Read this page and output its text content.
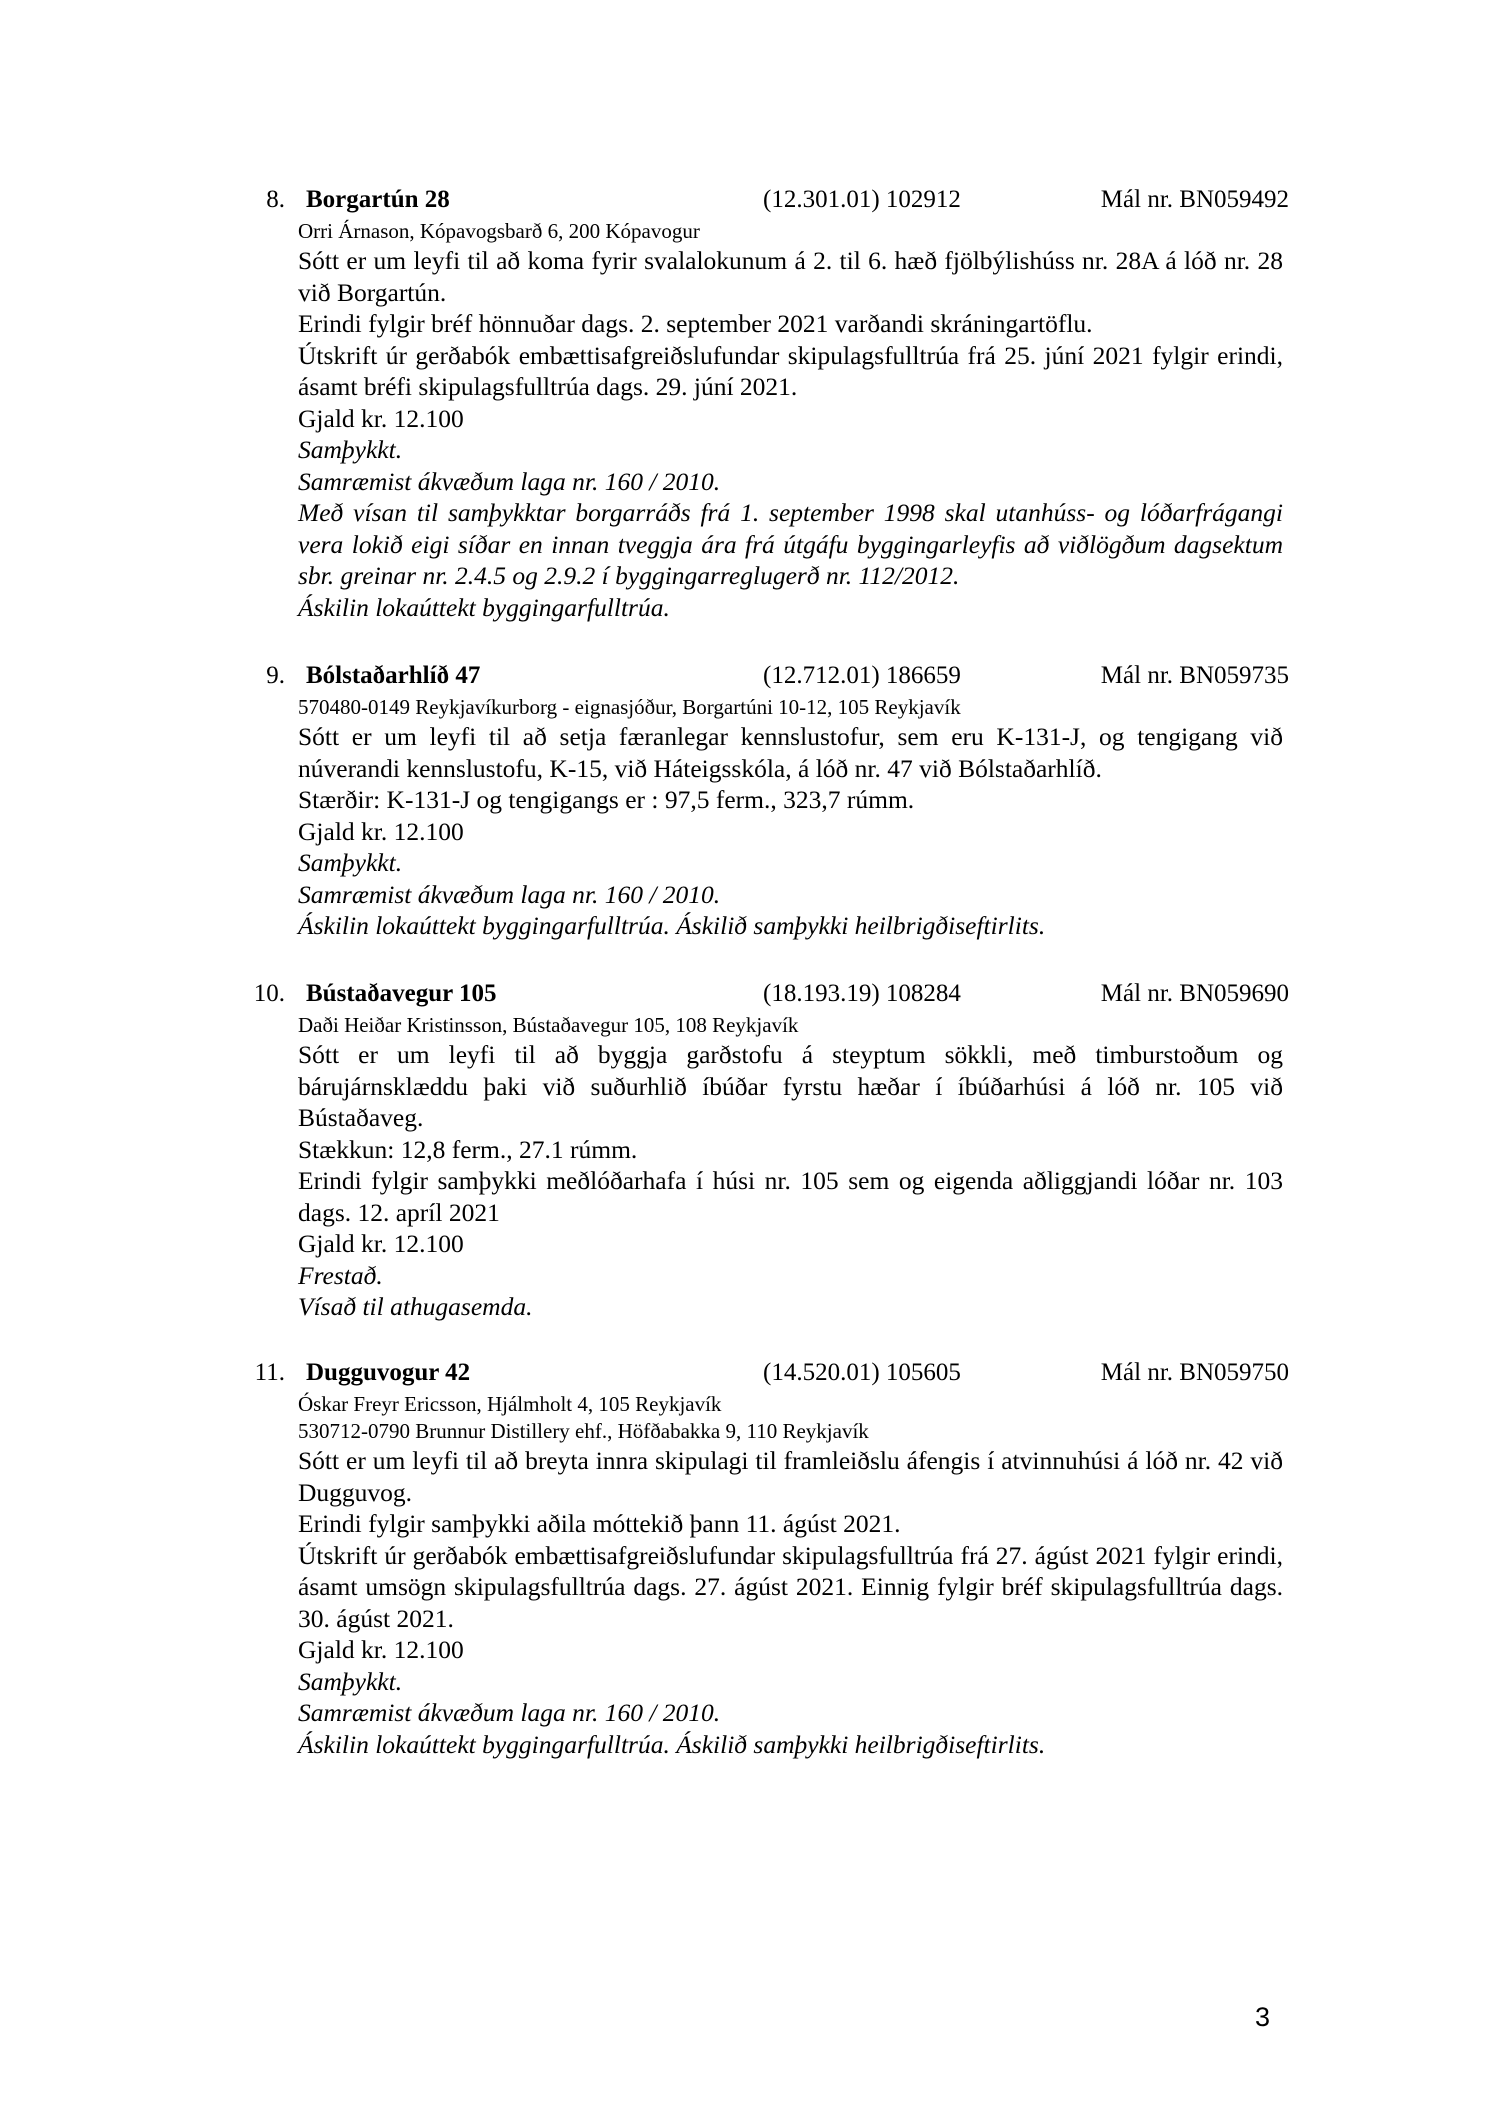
8. Borgartún 28	(12.301.01) 102912	Mál nr. BN059492
Orri Árnason, Kópavogsbarð 6, 200 Kópavogur
Sótt er um leyfi til að koma fyrir svalalokunum á 2. til 6. hæð fjölbýlishúss nr. 28A á lóð nr. 28 við Borgartún.
Erindi fylgir bréf hönnuðar dags. 2. september 2021 varðandi skráningartöflu.
Útskrift úr gerðabók embættisafgreiðslufundar skipulagsfulltrúa frá 25. júní 2021 fylgir erindi, ásamt bréfi skipulagsfulltrúa dags. 29. júní 2021.
Gjald kr. 12.100
Samþykkt.
Samræmist ákvæðum laga nr. 160 / 2010.
Með vísan til samþykktar borgarráðs frá 1. september 1998 skal utanhúss- og lóðarfrágangi vera lokið eigi síðar en innan tveggja ára frá útgáfu byggingarleyfis að viðlögðum dagsektum sbr. greinar nr. 2.4.5 og 2.9.2 í byggingarreglugerð nr. 112/2012.
Áskilin lokaúttekt byggingarfulltrúa.
9. Bólstaðarhlíð 47	(12.712.01) 186659	Mál nr. BN059735
570480-0149 Reykjavíkurborg - eignasjóður, Borgartúni 10-12, 105 Reykjavík
Sótt er um leyfi til að setja færanlegar kennslustofur, sem eru K-131-J, og tengigang við núverandi kennslustofu, K-15, við Háteigsskóla, á lóð nr. 47 við Bólstaðarhlíð.
Stærðir: K-131-J og tengigangs er : 97,5 ferm., 323,7 rúmm.
Gjald kr. 12.100
Samþykkt.
Samræmist ákvæðum laga nr. 160 / 2010.
Áskilin lokaúttekt byggingarfulltrúa. Áskilið samþykki heilbrigðiseftirlits.
10. Bústaðavegur 105	(18.193.19) 108284	Mál nr. BN059690
Daði Heiðar Kristinsson, Bústaðavegur 105, 108 Reykjavík
Sótt er um leyfi til að byggja garðstofu á steyptum sökkli, með timburstoðum og bárujárnsklæddu þaki við suðurhlið íbúðar fyrstu hæðar í íbúðarhúsi á lóð nr. 105 við Bústaðaveg.
Stækkun: 12,8 ferm., 27.1 rúmm.
Erindi fylgir samþykki meðlóðarhafa í húsi nr. 105 sem og eigenda aðliggjandi lóðar nr. 103 dags. 12. apríl 2021
Gjald kr. 12.100
Frestað.
Vísað til athugasemda.
11. Dugguvogur 42	(14.520.01) 105605	Mál nr. BN059750
Óskar Freyr Ericsson, Hjálmholt 4, 105 Reykjavík
530712-0790 Brunnur Distillery ehf., Höfðabakka 9, 110 Reykjavík
Sótt er um leyfi til að breyta innra skipulagi til framleiðslu áfengis í atvinnuhúsi á lóð nr. 42 við Dugguvog.
Erindi fylgir samþykki aðila móttekið þann 11. ágúst 2021.
Útskrift úr gerðabók embættisafgreiðslufundar skipulagsfulltrúa frá 27. ágúst 2021 fylgir erindi, ásamt umsögn skipulagsfulltrúa dags. 27. ágúst 2021. Einnig fylgir bréf skipulagsfulltrúa dags. 30. ágúst 2021.
Gjald kr. 12.100
Samþykkt.
Samræmist ákvæðum laga nr. 160 / 2010.
Áskilin lokaúttekt byggingarfulltrúa. Áskilið samþykki heilbrigðiseftirlits.
3
